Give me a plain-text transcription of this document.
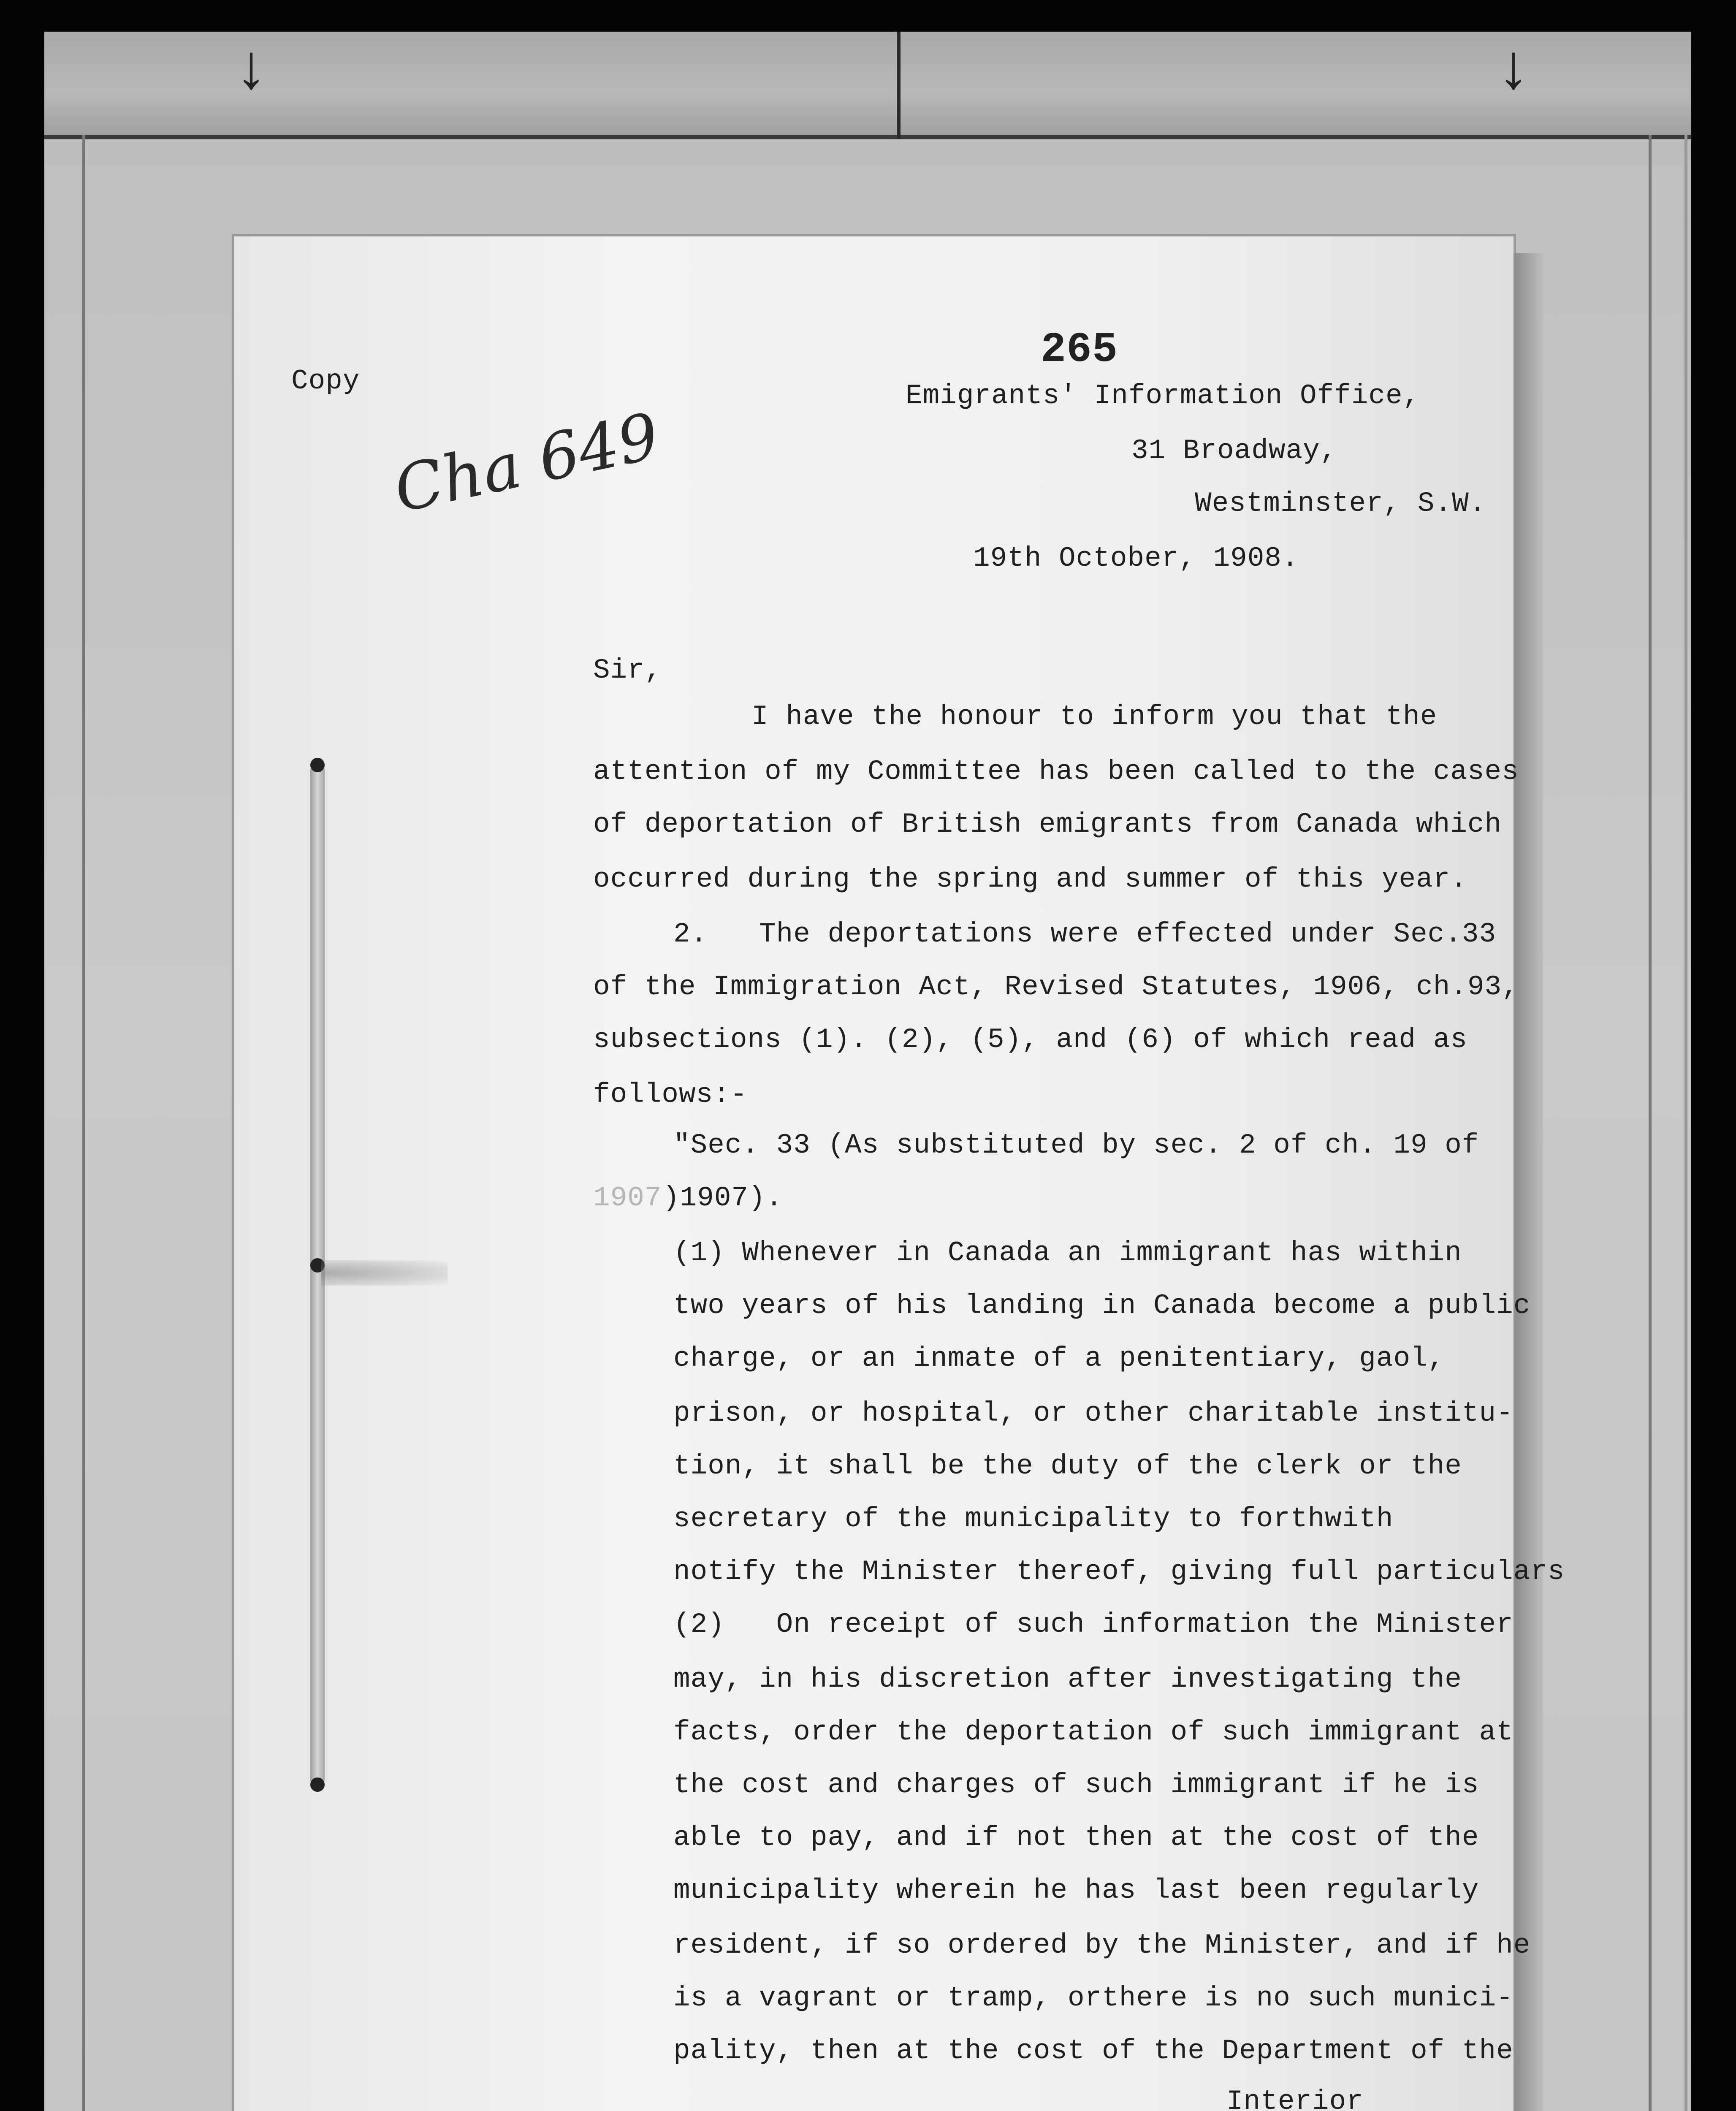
↓	↓

265

Copy

Cha 649

Emigrants' Information Office,

31 Broadway,

Westminster, S.W.

19th October, 1908.

Sir,

I have the honour to inform you that the

attention of my Committee has been called to the cases

of deportation of British emigrants from Canada which

occurred during the spring and summer of this year.

2.   The deportations were effected under Sec.33

of the Immigration Act, Revised Statutes, 1906, ch.93,

subsections (1). (2), (5), and (6) of which read as

follows:-

"Sec. 33 (As substituted by sec. 2 of ch. 19 of

1907 )1907).

(1) Whenever in Canada an immigrant has within

two years of his landing in Canada become a public

charge, or an inmate of a penitentiary, gaol,

prison, or hospital, or other charitable institu-

tion, it shall be the duty of the clerk or the

secretary of the municipality to forthwith

notify the Minister thereof, giving full particulars

(2)   On receipt of such information the Minister

may, in his discretion after investigating the

facts, order the deportation of such immigrant at

the cost and charges of such immigrant if he is

able to pay, and if not then at the cost of the

municipality wherein he has last been regularly

resident, if so ordered by the Minister, and if he

is a vagrant or tramp, orthere is no such munici-

pality, then at the cost of the Department of the

Interior
